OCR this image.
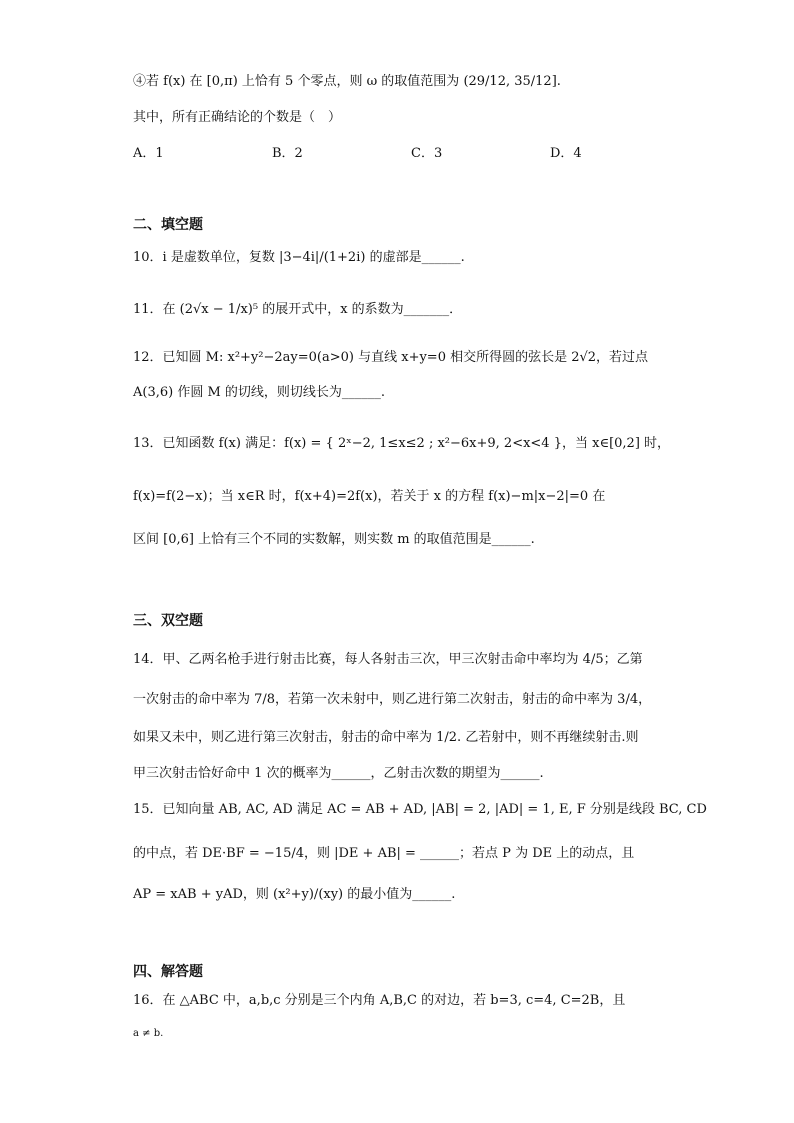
④若 f(x) 在 [0,π) 上恰有 5 个零点，则 ω 的取值范围为 (29/12, 35/12].
其中，所有正确结论的个数是（　）
A．1	B．2	C．3	D．4
二、填空题
10．i 是虚数单位，复数 |3−4i|/(1+2i) 的虚部是______.
11．在 (2√x − 1/x)⁵ 的展开式中，x 的系数为_______．
12．已知圆 M: x²+y²−2ay=0(a>0) 与直线 x+y=0 相交所得圆的弦长是 2√2，若过点
A(3,6) 作圆 M 的切线，则切线长为______.
13．已知函数 f(x) 满足：f(x) = { 2ˣ−2, 1≤x≤2 ; x²−6x+9, 2<x<4 }，当 x∈[0,2] 时，
f(x)=f(2−x)；当 x∈R 时，f(x+4)=2f(x)，若关于 x 的方程 f(x)−m|x−2|=0 在
区间 [0,6] 上恰有三个不同的实数解，则实数 m 的取值范围是______.
三、双空题
14．甲、乙两名枪手进行射击比赛，每人各射击三次，甲三次射击命中率均为 4/5；乙第
一次射击的命中率为 7/8，若第一次未射中，则乙进行第二次射击，射击的命中率为 3/4，
如果又未中，则乙进行第三次射击，射击的命中率为 1/2. 乙若射中，则不再继续射击.则
甲三次射击恰好命中 1 次的概率为______，乙射击次数的期望为______.
15．已知向量 AB, AC, AD 满足 AC = AB + AD, |AB| = 2, |AD| = 1, E, F 分别是线段 BC, CD
的中点，若 DE·BF = −15/4，则 |DE + AB| = ______；若点 P 为 DE 上的动点，且
AP = xAB + yAD，则 (x²+y)/(xy) 的最小值为______.
四、解答题
16．在 △ABC 中，a,b,c 分别是三个内角 A,B,C 的对边，若 b=3, c=4, C=2B，且
a ≠ b.
